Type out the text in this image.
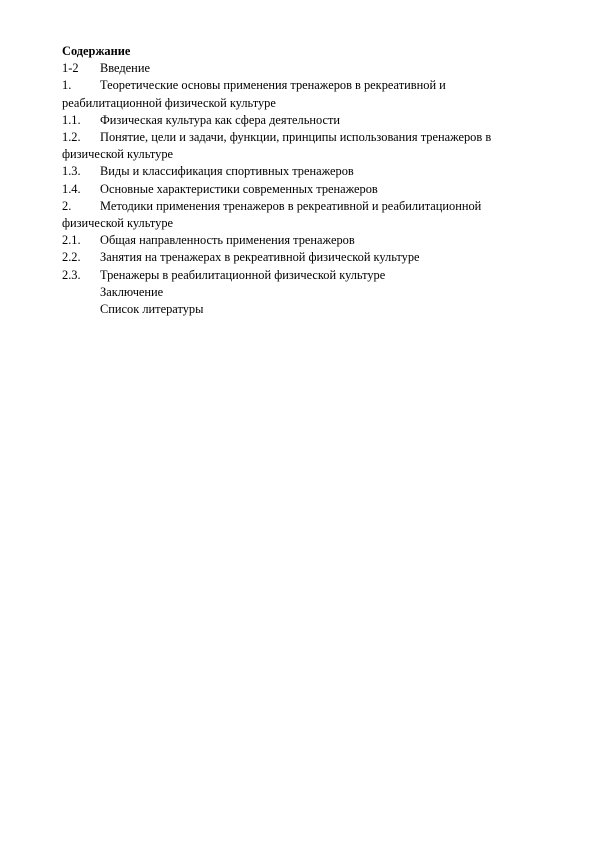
Содержание

1-2 Введение
1. Теоретические основы применения тренажеров в рекреативной и реабилитационной физической культуре
1.1. Физическая культура как сфера деятельности
1.2. Понятие, цели и задачи, функции, принципы использования тренажеров в физической культуре
1.3. Виды и классификация спортивных тренажеров
1.4. Основные характеристики современных тренажеров
2. Методики применения тренажеров в рекреативной и реабилитационной физической культуре
2.1. Общая направленность применения тренажеров
2.2. Занятия на тренажерах в рекреативной физической культуре
2.3. Тренажеры в реабилитационной физической культуре
Заключение
Список литературы
